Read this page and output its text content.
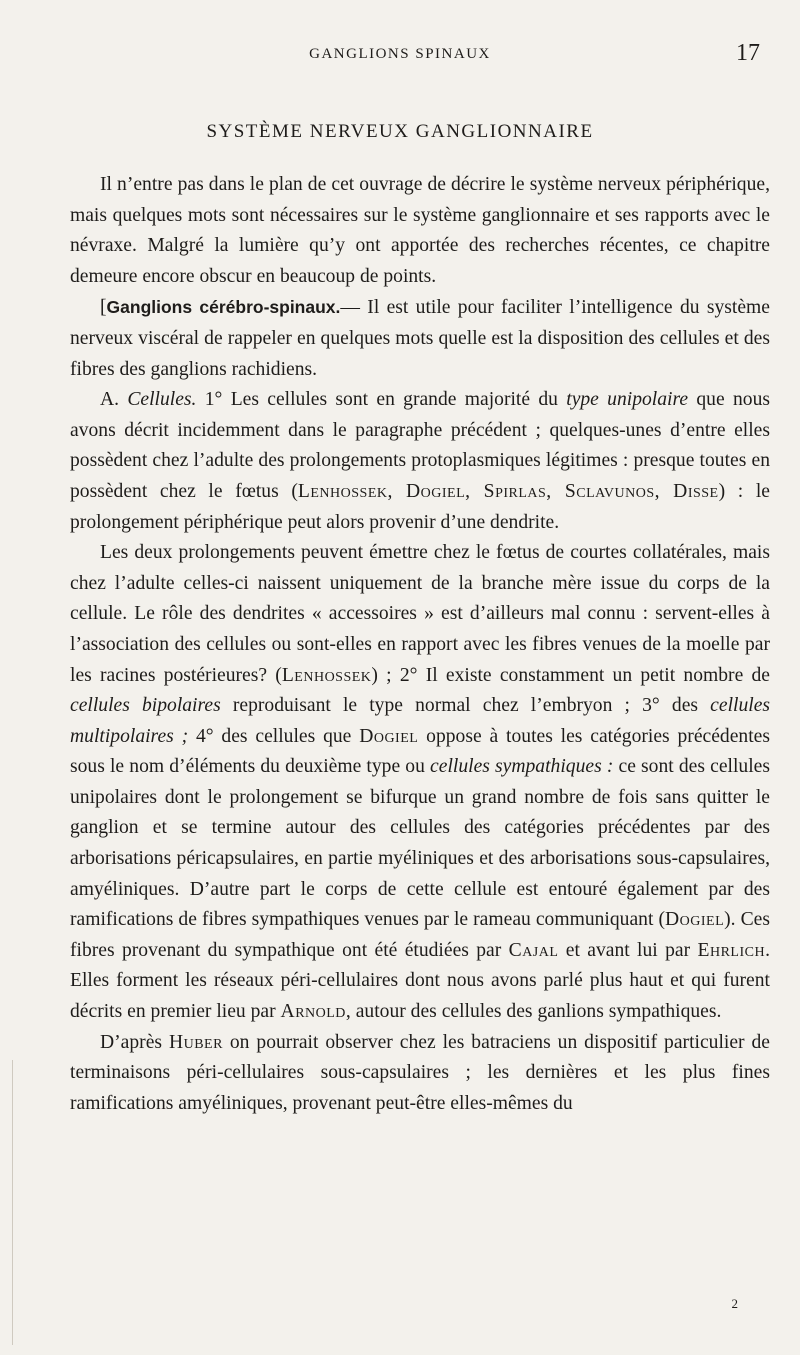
GANGLIONS SPINAUX	17
SYSTÈME NERVEUX GANGLIONNAIRE

Il n’entre pas dans le plan de cet ouvrage de décrire le système nerveux périphérique, mais quelques mots sont nécessaires sur le système ganglionnaire et ses rapports avec le névraxe. Malgré la lumière qu’y ont apportée des recherches récentes, ce chapitre demeure encore obscur en beaucoup de points.

[Ganglions cérébro-spinaux.— Il est utile pour faciliter l’intelligence du système nerveux viscéral de rappeler en quelques mots quelle est la disposition des cellules et des fibres des ganglions rachidiens.

A. Cellules. 1° Les cellules sont en grande majorité du type unipolaire que nous avons décrit incidemment dans le paragraphe précédent ; quelques-unes d’entre elles possèdent chez l’adulte des prolongements protoplasmiques légitimes : presque toutes en possèdent chez le fœtus (Lenhossek, Dogiel, Spirlas, Sclavunos, Disse) : le prolongement périphérique peut alors provenir d’une dendrite.

Les deux prolongements peuvent émettre chez le fœtus de courtes collatérales, mais chez l’adulte celles-ci naissent uniquement de la branche mère issue du corps de la cellule. Le rôle des dendrites « accessoires » est d’ailleurs mal connu : servent-elles à l’association des cellules ou sont-elles en rapport avec les fibres venues de la moelle par les racines postérieures? (Lenhossek) ; 2° Il existe constamment un petit nombre de cellules bipolaires reproduisant le type normal chez l’embryon ; 3° des cellules multipolaires ; 4° des cellules que Dogiel oppose à toutes les catégories précédentes sous le nom d’éléments du deuxième type ou cellules sympathiques : ce sont des cellules unipolaires dont le prolongement se bifurque un grand nombre de fois sans quitter le ganglion et se termine autour des cellules des catégories précédentes par des arborisations péricapsulaires, en partie myéliniques et des arborisations sous-capsulaires, amyéliniques. D’autre part le corps de cette cellule est entouré également par des ramifications de fibres sympathiques venues par le rameau communiquant (Dogiel). Ces fibres provenant du sympathique ont été étudiées par Cajal et avant lui par Ehrlich. Elles forment les réseaux péri-cellulaires dont nous avons parlé plus haut et qui furent décrits en premier lieu par Arnold, autour des cellules des ganlions sympathiques.

D’après Huber on pourrait observer chez les batraciens un dispositif particulier de terminaisons péri-cellulaires sous-capsulaires ; les dernières et les plus fines ramifications amyéliniques, provenant peut-être elles-mêmes du

2
